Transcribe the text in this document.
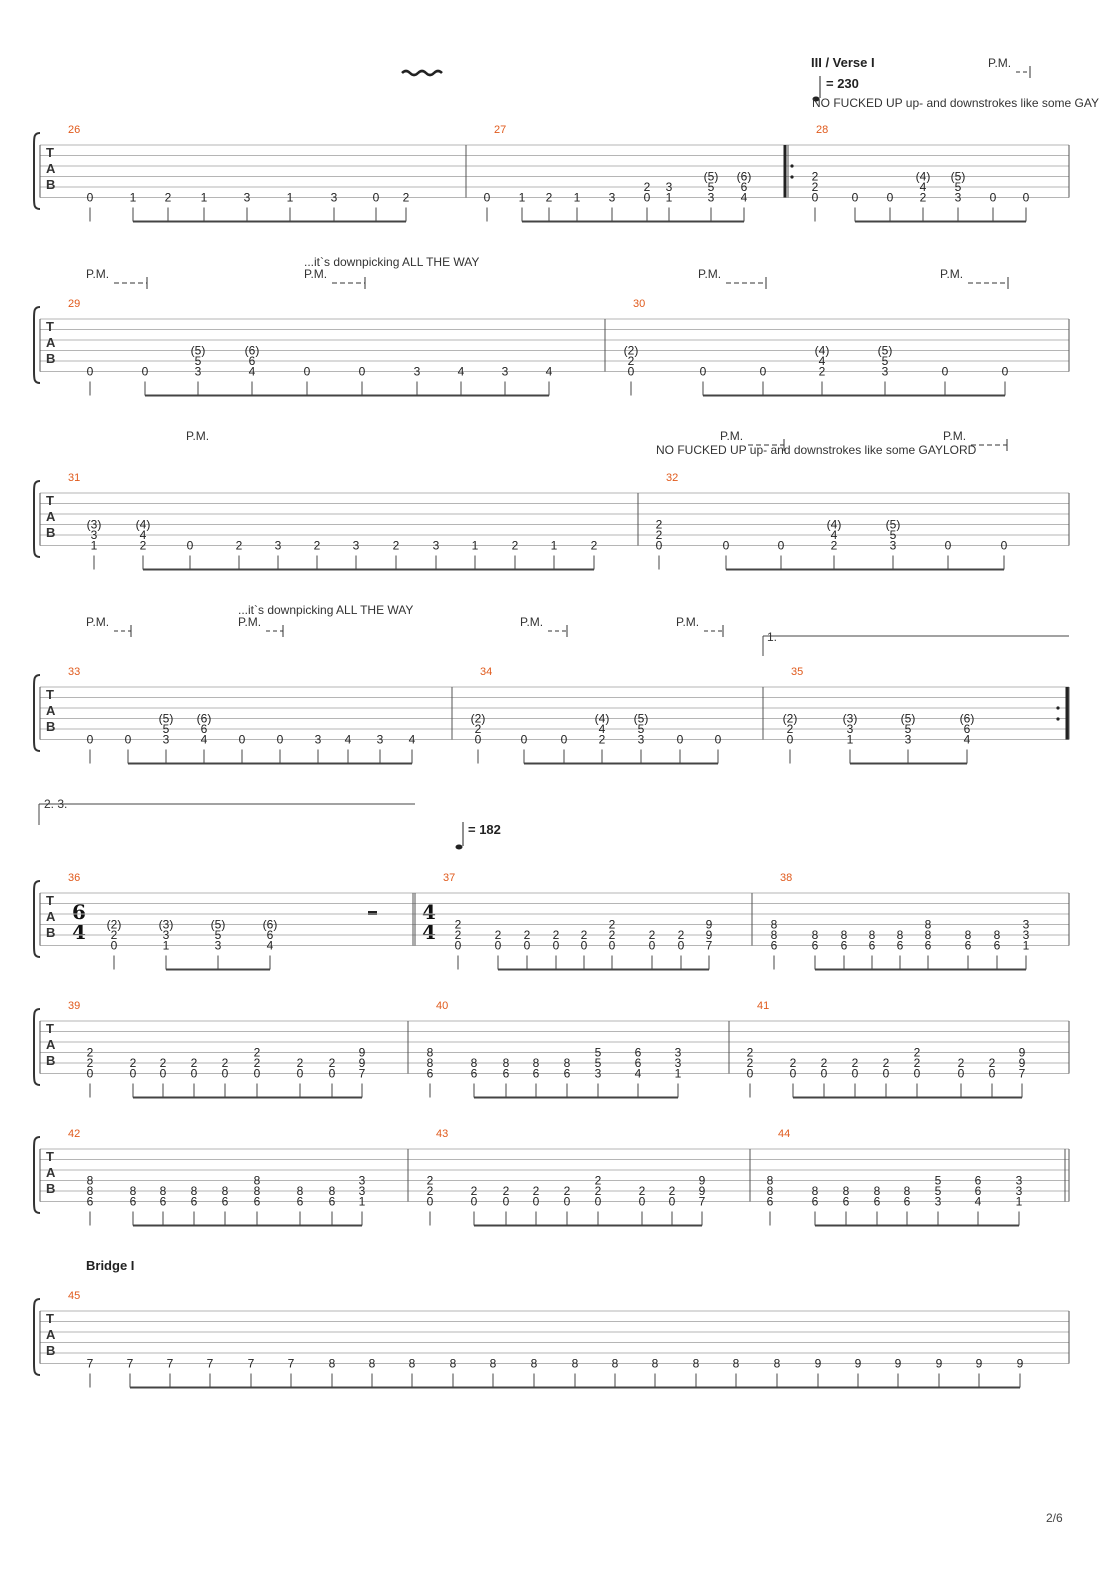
III / Verse I
= 230
NO FUCKED UP up- and downstrokes like some GAY
P.M.
P.M.
...it`s downpicking ALL THE WAY
P.M.	P.M.	P.M.
P.M.	P.M.
NO FUCKED UP up- and downstrokes like some GAYLORD
P.M.
P.M.
...it`s downpicking ALL THE WAY
P.M.	P.M.	P.M.
1.
2. 3.
= 182
Bridge I
6
4
4
4
2/6
T
A
B
26
0	1 2 1	3	1	3	0 2
27
0 1 2 1 3
2
0
3
1
(5)
5
3
(6)
6
4
28
2
2
0	0 0
(4)
4
2
(5)
5
3 0 0
T
A
B
29
0	0
(5)
5
3
(6)
6
4	0	0	3	4	3	4
30
(2)
2
0	0	0
(4)
4
2
(5)
5
3	0	0
T
A
B
31
(3)
3
1
(4)
4
2	0	2	3	2	3	2	3	1	2	1	2
32
2
2
0	0	0
(4)
4
2
(5)
5
3	0	0
T
A
B
33
0	0
(5)
5
3
(6)
6
4	0	0	3 4 3 4
34
(2)
2
0	0	0
(4)
4
2
(5)
5
3	0	0
35
(2)
2
0
(3)
3
1
(5)
5
3
(6)
6
4
T
A
B
36
(2)
2
0
(3)
3
1
(5)
5
3
(6)
6
4
37
2
2
0
2
0
2
0
2
0
2
0
2
2
0
2
0
2
0
9
9
7
38
8
8
6
8
6
8
6
8
6
8
6
8
8
6
8
6
8
6
3
3
1
T
A
B
39
2
2
0
2
0
2
0
2
0
2
0
2
2
0
2
0
2
0
9
9
7
40
8
8
6
8
6
8
6
8
6
8
6
5
5
3
6
6
4
3
3
1
41
2
2
0
2
0
2
0
2
0
2
0
2
2
0
2
0
2
0
9
9
7
T
A
B
42
8
8
6
8
6
8
6
8
6
8
6
8
8
6
8
6
8
6
3
3
1
43
2
2
0
2
0
2
0
2
0
2
0
2
2
0
2
0
2
0
9
9
7
44
8
8
6
8
6
8
6
8
6
8
6
5
5
3
6
6
4
3
3
1
T
A
B
45
7	7	7	7	7	7	8	8	8	8	8	8	8	8	8	8	8	8	9	9	9	9	9	9
